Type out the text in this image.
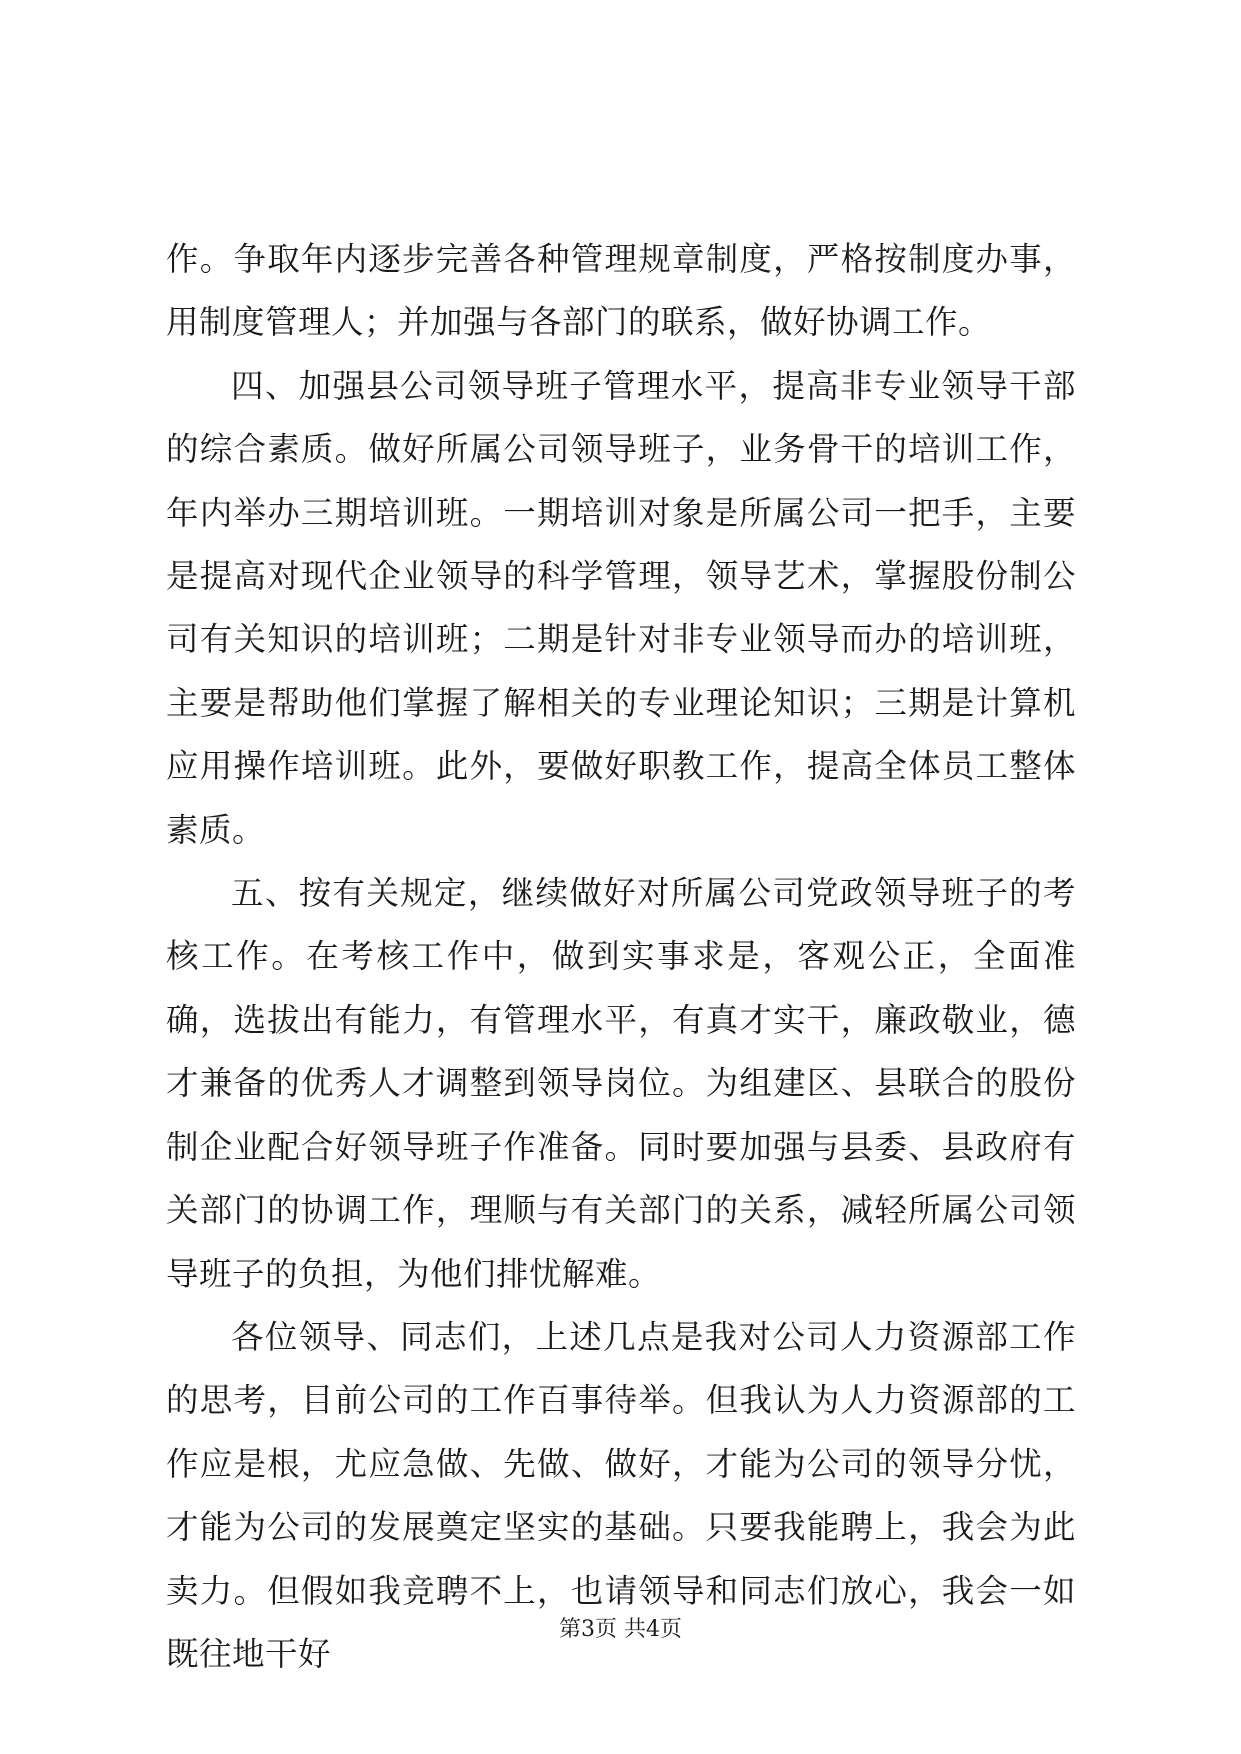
作。争取年内逐步完善各种管理规章制度，严格按制度办事，用制度管理人；并加强与各部门的联系，做好协调工作。

四、加强县公司领导班子管理水平，提高非专业领导干部的综合素质。做好所属公司领导班子，业务骨干的培训工作，年内举办三期培训班。一期培训对象是所属公司一把手，主要是提高对现代企业领导的科学管理，领导艺术，掌握股份制公司有关知识的培训班；二期是针对非专业领导而办的培训班，主要是帮助他们掌握了解相关的专业理论知识；三期是计算机应用操作培训班。此外，要做好职教工作，提高全体员工整体素质。

五、按有关规定，继续做好对所属公司党政领导班子的考核工作。在考核工作中，做到实事求是，客观公正，全面准确，选拔出有能力，有管理水平，有真才实干，廉政敬业，德才兼备的优秀人才调整到领导岗位。为组建区、县联合的股份制企业配合好领导班子作准备。同时要加强与县委、县政府有关部门的协调工作，理顺与有关部门的关系，减轻所属公司领导班子的负担，为他们排忧解难。

各位领导、同志们，上述几点是我对公司人力资源部工作的思考，目前公司的工作百事待举。但我认为人力资源部的工作应是根，尤应急做、先做、做好，才能为公司的领导分忧，才能为公司的发展奠定坚实的基础。只要我能聘上，我会为此卖力。但假如我竞聘不上，也请领导和同志们放心，我会一如既往地干好

第3页 共4页
